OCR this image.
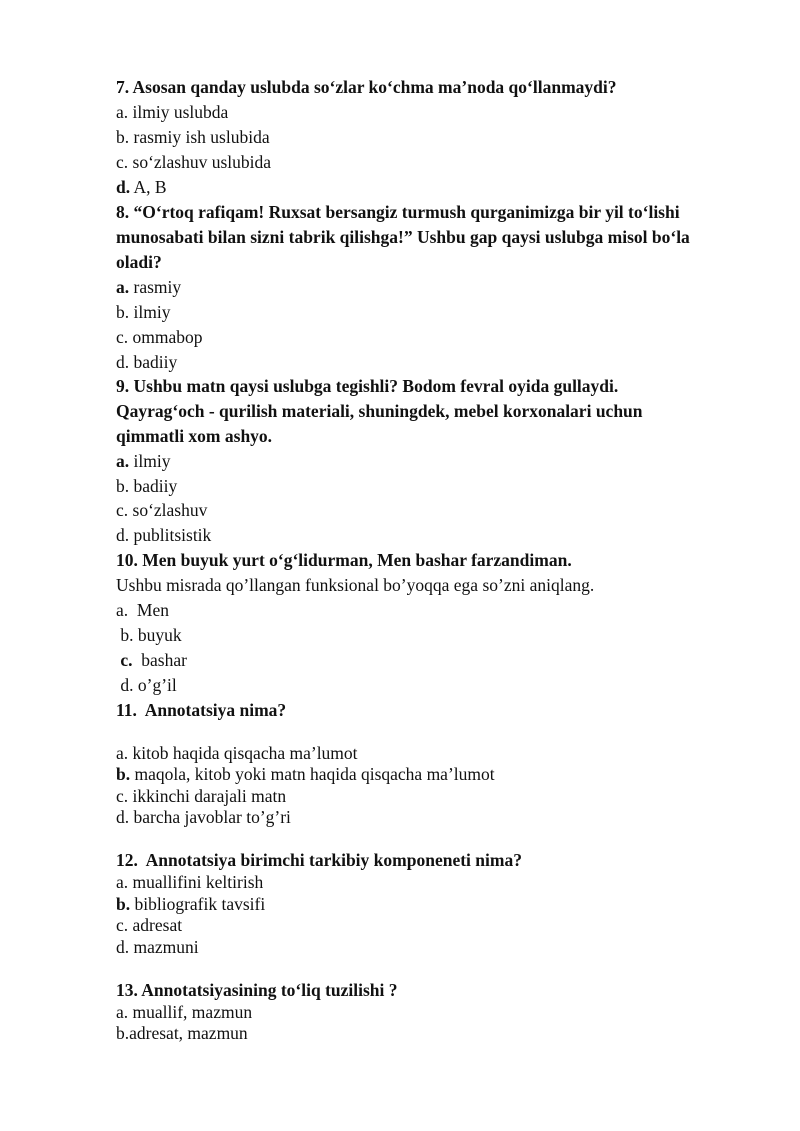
7. Asosan qanday uslubda so‘zlar ko‘chma ma’noda qo‘llanmaydi?
a. ilmiy uslubda
b. rasmiy ish uslubida
c. so‘zlashuv uslubida
d. A, B
8. “O‘rtoq rafiqam! Ruxsat bersangiz turmush qurganimizga bir yil to‘lishi
munosabati bilan sizni tabrik qilishga!” Ushbu gap qaysi uslubga misol bo‘la
oladi?
a. rasmiy
b. ilmiy
c. ommabop
d. badiiy
9. Ushbu matn qaysi uslubga tegishli? Bodom fevral oyida gullaydi.
Qayrag‘och - qurilish materiali, shuningdek, mebel korxonalari uchun
qimmatli xom ashyo.
a. ilmiy
b. badiiy
c. so‘zlashuv
d. publitsistik
10. Men buyuk yurt o‘g‘lidurman, Men bashar farzandiman.
Ushbu misrada qo’llangan funksional bo’yoqqa ega so’zni aniqlang.
a.  Men
b. buyuk
c.  bashar
d. o’g’il
11.  Annotatsiya nima?
a. kitob haqida qisqacha ma’lumot
b. maqola, kitob yoki matn haqida qisqacha ma’lumot
c. ikkinchi darajali matn
d. barcha javoblar to’g’ri
12.  Annotatsiya birimchi tarkibiy komponeneti nima?
a. muallifini keltirish
b. bibliografik tavsifi
c. adresat
d. mazmuni
13. Annotatsiyasining to‘liq tuzilishi ?
a. muallif, mazmun
b.adresat, mazmun
